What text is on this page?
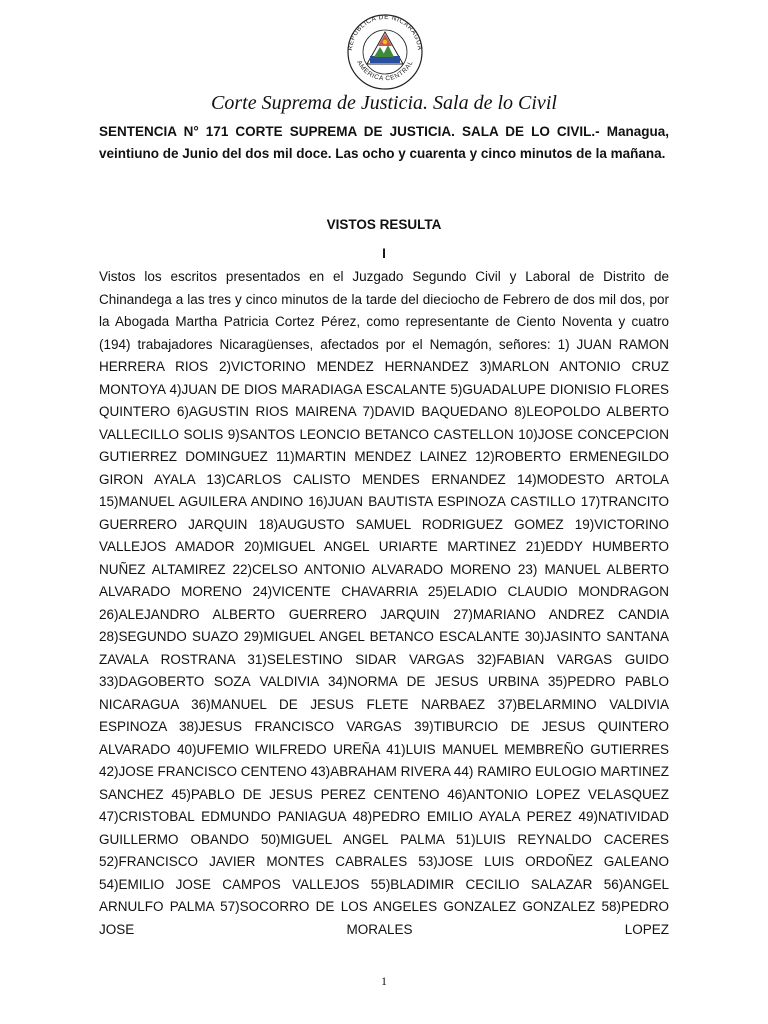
REPUBLICA DE NICARAGUA
AMERICA CENTRAL
Corte Suprema de Justicia. Sala de lo Civil
SENTENCIA N° 171 CORTE SUPREMA DE JUSTICIA. SALA DE LO CIVIL.- Managua, veintiuno de Junio del dos mil doce. Las ocho y cuarenta y cinco minutos de la mañana.
VISTOS RESULTA
I
Vistos los escritos presentados en el Juzgado Segundo Civil y Laboral de Distrito de Chinandega a las tres y cinco minutos de la tarde del dieciocho de Febrero de dos mil dos, por la Abogada Martha Patricia Cortez Pérez, como representante de Ciento Noventa y cuatro (194) trabajadores Nicaragüenses, afectados por el Nemagón, señores: 1) JUAN RAMON HERRERA RIOS 2)VICTORINO MENDEZ HERNANDEZ 3)MARLON ANTONIO CRUZ MONTOYA 4)JUAN DE DIOS MARADIAGA ESCALANTE 5)GUADALUPE DIONISIO FLORES QUINTERO 6)AGUSTIN RIOS MAIRENA 7)DAVID BAQUEDANO 8)LEOPOLDO ALBERTO VALLECILLO SOLIS 9)SANTOS LEONCIO BETANCO CASTELLON 10)JOSE CONCEPCION GUTIERREZ DOMINGUEZ 11)MARTIN MENDEZ LAINEZ 12)ROBERTO ERMENEGILDO GIRON AYALA 13)CARLOS CALISTO MENDES ERNANDEZ 14)MODESTO ARTOLA 15)MANUEL AGUILERA ANDINO 16)JUAN BAUTISTA ESPINOZA CASTILLO 17)TRANCITO GUERRERO JARQUIN 18)AUGUSTO SAMUEL RODRIGUEZ GOMEZ 19)VICTORINO VALLEJOS AMADOR 20)MIGUEL ANGEL URIARTE MARTINEZ 21)EDDY HUMBERTO NUÑEZ ALTAMIREZ 22)CELSO ANTONIO ALVARADO MORENO 23) MANUEL ALBERTO ALVARADO MORENO 24)VICENTE CHAVARRIA 25)ELADIO CLAUDIO MONDRAGON 26)ALEJANDRO ALBERTO GUERRERO JARQUIN 27)MARIANO ANDREZ CANDIA 28)SEGUNDO SUAZO 29)MIGUEL ANGEL BETANCO ESCALANTE 30)JASINTO SANTANA ZAVALA ROSTRANA 31)SELESTINO SIDAR VARGAS 32)FABIAN VARGAS GUIDO 33)DAGOBERTO SOZA VALDIVIA 34)NORMA DE JESUS URBINA 35)PEDRO PABLO NICARAGUA 36)MANUEL DE JESUS FLETE NARBAEZ 37)BELARMINO VALDIVIA ESPINOZA 38)JESUS FRANCISCO VARGAS 39)TIBURCIO DE JESUS QUINTERO ALVARADO 40)UFEMIO WILFREDO UREÑA 41)LUIS MANUEL MEMBREÑO GUTIERRES 42)JOSE FRANCISCO CENTENO 43)ABRAHAM RIVERA 44) RAMIRO EULOGIO MARTINEZ SANCHEZ 45)PABLO DE JESUS PEREZ CENTENO 46)ANTONIO LOPEZ VELASQUEZ 47)CRISTOBAL EDMUNDO PANIAGUA 48)PEDRO EMILIO AYALA PEREZ 49)NATIVIDAD GUILLERMO OBANDO 50)MIGUEL ANGEL PALMA 51)LUIS REYNALDO CACERES 52)FRANCISCO JAVIER MONTES CABRALES 53)JOSE LUIS ORDOÑEZ GALEANO 54)EMILIO JOSE CAMPOS VALLEJOS 55)BLADIMIR CECILIO SALAZAR 56)ANGEL ARNULFO PALMA 57)SOCORRO DE LOS ANGELES GONZALEZ GONZALEZ 58)PEDRO JOSE MORALES LOPEZ
1
